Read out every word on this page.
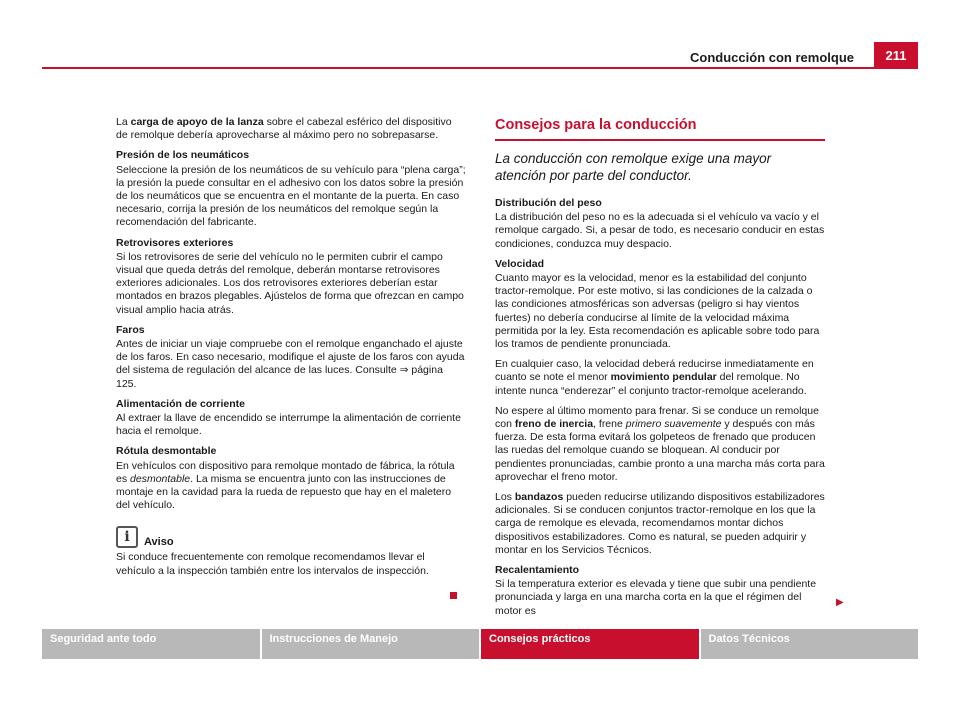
Conducción con remolque	211

La carga de apoyo de la lanza sobre el cabezal esférico del dispositivo de remolque debería aprovecharse al máximo pero no sobrepasarse.

Presión de los neumáticos

Seleccione la presión de los neumáticos de su vehículo para “plena carga”; la presión la puede consultar en el adhesivo con los datos sobre la presión de los neumáticos que se encuentra en el montante de la puerta. En caso necesario, corrija la presión de los neumáticos del remolque según la recomendación del fabricante.

Retrovisores exteriores

Si los retrovisores de serie del vehículo no le permiten cubrir el campo visual que queda detrás del remolque, deberán montarse retrovisores exteriores adicionales. Los dos retrovisores exteriores deberían estar montados en brazos plegables. Ajústelos de forma que ofrezcan en campo visual amplio hacia atrás.

Faros

Antes de iniciar un viaje compruebe con el remolque enganchado el ajuste de los faros. En caso necesario, modifique el ajuste de los faros con ayuda del sistema de regulación del alcance de las luces. Consulte ⇒ página 125.

Alimentación de corriente

Al extraer la llave de encendido se interrumpe la alimentación de corriente hacia el remolque.

Rótula desmontable

En vehículos con dispositivo para remolque montado de fábrica, la rótula es desmontable. La misma se encuentra junto con las instrucciones de montaje en la cavidad para la rueda de repuesto que hay en el maletero del vehículo.

i	Aviso

Si conduce frecuentemente con remolque recomendamos llevar el vehículo a la inspección también entre los intervalos de inspección.

Consejos para la conducción
La conducción con remolque exige una mayor atención por parte del conductor.

Distribución del peso

La distribución del peso no es la adecuada si el vehículo va vacío y el remolque cargado. Si, a pesar de todo, es necesario conducir en estas condiciones, conduzca muy despacio.

Velocidad

Cuanto mayor es la velocidad, menor es la estabilidad del conjunto tractor-remolque. Por este motivo, si las condiciones de la calzada o las condiciones atmosféricas son adversas (peligro si hay vientos fuertes) no debería conducirse al límite de la velocidad máxima permitida por la ley. Esta recomendación es aplicable sobre todo para los tramos de pendiente pronunciada.

En cualquier caso, la velocidad deberá reducirse inmediatamente en cuanto se note el menor movimiento pendular del remolque. No intente nunca “enderezar” el conjunto tractor-remolque acelerando.

No espere al último momento para frenar. Si se conduce un remolque con freno de inercia, frene primero suavemente y después con más fuerza. De esta forma evitará los golpeteos de frenado que producen las ruedas del remolque cuando se bloquean. Al conducir por pendientes pronunciadas, cambie pronto a una marcha más corta para aprovechar el freno motor.

Los bandazos pueden reducirse utilizando dispositivos estabilizadores adicionales. Si se conducen conjuntos tractor-remolque en los que la carga de remolque es elevada, recomendamos montar dichos dispositivos estabilizadores. Como es natural, se pueden adquirir y montar en los Servicios Técnicos.

Recalentamiento

Si la temperatura exterior es elevada y tiene que subir una pendiente pronunciada y larga en una marcha corta en la que el régimen del motor es

▶
Seguridad ante todo	Instrucciones de Manejo	Consejos prácticos	Datos Técnicos
